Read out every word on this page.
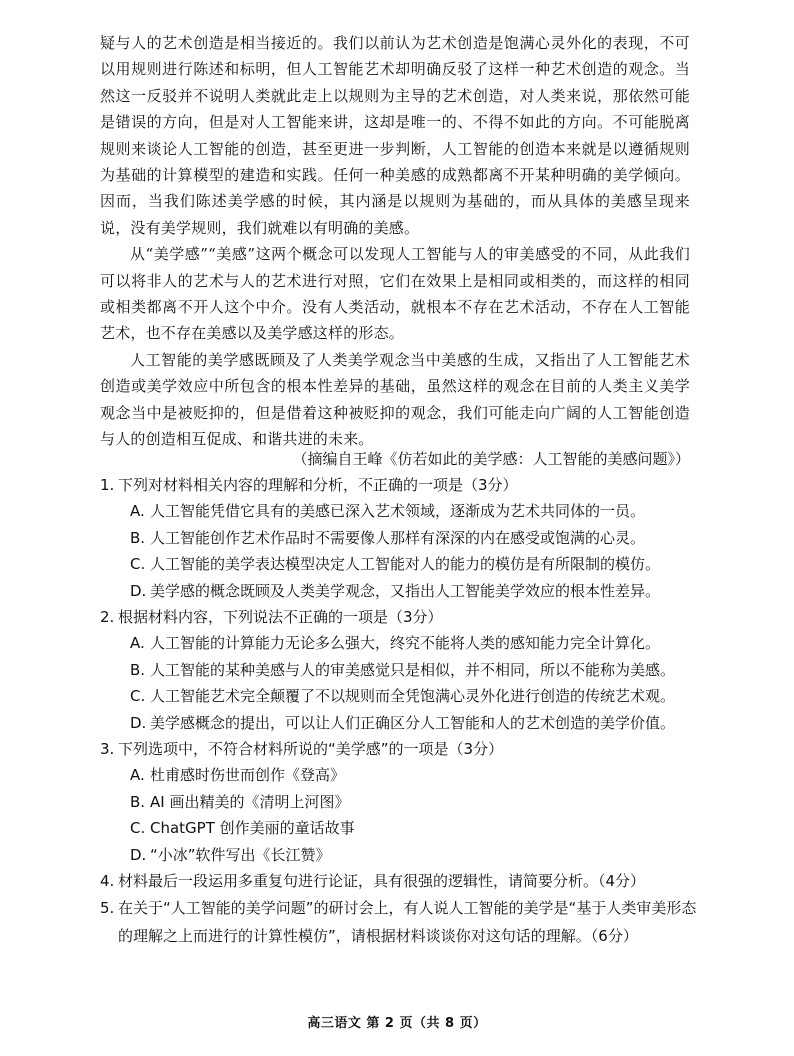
疑与人的艺术创造是相当接近的。我们以前认为艺术创造是饱满心灵外化的表现，不可以用规则进行陈述和标明，但人工智能艺术却明确反驳了这样一种艺术创造的观念。当然这一反驳并不说明人类就此走上以规则为主导的艺术创造，对人类来说，那依然可能是错误的方向，但是对人工智能来讲，这却是唯一的、不得不如此的方向。不可能脱离规则来谈论人工智能的创造，甚至更进一步判断，人工智能的创造本来就是以遵循规则为基础的计算模型的建造和实践。任何一种美感的成熟都离不开某种明确的美学倾向。因而，当我们陈述美学感的时候，其内涵是以规则为基础的，而从具体的美感呈现来说，没有美学规则，我们就难以有明确的美感。

从“美学感”“美感”这两个概念可以发现人工智能与人的审美感受的不同，从此我们可以将非人的艺术与人的艺术进行对照，它们在效果上是相同或相类的，而这样的相同或相类都离不开人这个中介。没有人类活动，就根本不存在艺术活动，不存在人工智能艺术，也不存在美感以及美学感这样的形态。

人工智能的美学感既顾及了人类美学观念当中美感的生成，又指出了人工智能艺术创造或美学效应中所包含的根本性差异的基础，虽然这样的观念在目前的人类主义美学观念当中是被贬抑的，但是借着这种被贬抑的观念，我们可能走向广阔的人工智能创造与人的创造相互促成、和谐共进的未来。

（摘编自王峰《仿若如此的美学感：人工智能的美感问题》）
1. 下列对材料相关内容的理解和分析，不正确的一项是（3分）
A. 人工智能凭借它具有的美感已深入艺术领域，逐渐成为艺术共同体的一员。
B. 人工智能创作艺术作品时不需要像人那样有深深的内在感受或饱满的心灵。
C. 人工智能的美学表达模型决定人工智能对人的能力的模仿是有所限制的模仿。
D. 美学感的概念既顾及人类美学观念，又指出人工智能美学效应的根本性差异。
2. 根据材料内容，下列说法不正确的一项是（3分）
A. 人工智能的计算能力无论多么强大，终究不能将人类的感知能力完全计算化。
B. 人工智能的某种美感与人的审美感觉只是相似，并不相同，所以不能称为美感。
C. 人工智能艺术完全颠覆了不以规则而全凭饱满心灵外化进行创造的传统艺术观。
D. 美学感概念的提出，可以让人们正确区分人工智能和人的艺术创造的美学价值。
3. 下列选项中，不符合材料所说的“美学感”的一项是（3分）
A. 杜甫感时伤世而创作《登高》
B. AI 画出精美的《清明上河图》
C. ChatGPT 创作美丽的童话故事
D. “小冰”软件写出《长江赞》
4. 材料最后一段运用多重复句进行论证，具有很强的逻辑性，请简要分析。（4分）
5. 在关于“人工智能的美学问题”的研讨会上，有人说人工智能的美学是“基于人类审美形态的理解之上而进行的计算性模仿”，请根据材料谈谈你对这句话的理解。（6分）
高三语文 第 2 页（共 8 页）
